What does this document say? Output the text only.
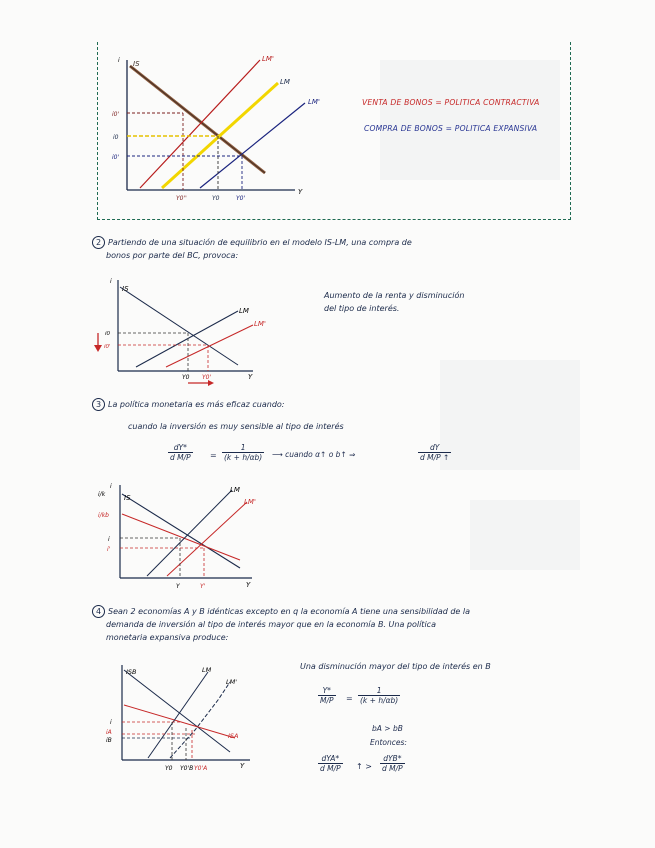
IS
LM'
LM
LM'
i0'
i0
i0'
Y0''	Y0	Y0'
i
Y
VENTA DE BONOS = POLITICA CONTRACTIVA
COMPRA DE BONOS = POLITICA EXPANSIVA
2 Partiendo de una situación de equilibrio en el modelo IS-LM, una compra de
bonos por parte del BC, provoca:
IS
LM
LM'
i0
i0'
Y0 Y0'
i
Y
Aumento de la renta y disminución
del tipo de interés.
3 La política monetaria es más eficaz cuando:
cuando la inversión es muy sensible al tipo de interés
$\frac{dY*}{\text{d M/P}} = \frac{1}{(k + h/\alpha b)}$ ⟶ cuando α↑ o b↑ ⇒	$\frac{dY}{\text{d M/P ↑}}$
IS
LM
LM'
i/k
i/kb
i
i'
Y	Y'
i
Y
4 Sean 2 economías A y B idénticas excepto en q la economía A tiene una sensibilidad de la
demanda de inversión al tipo de interés mayor que en la economía B. Una política
monetaria expansiva produce:
ISB	LM
LM'
ISA
i
iA
iB
Y0 Y0'B Y0'A	Y
Una disminución mayor del tipo de interés en B
$\frac{Y*}{M/P} = \frac{1}{(k + h/\alpha b)}$
bA > bB
Entonces:
dYA*
d M/P ↑ >
dYB*
d M/P
